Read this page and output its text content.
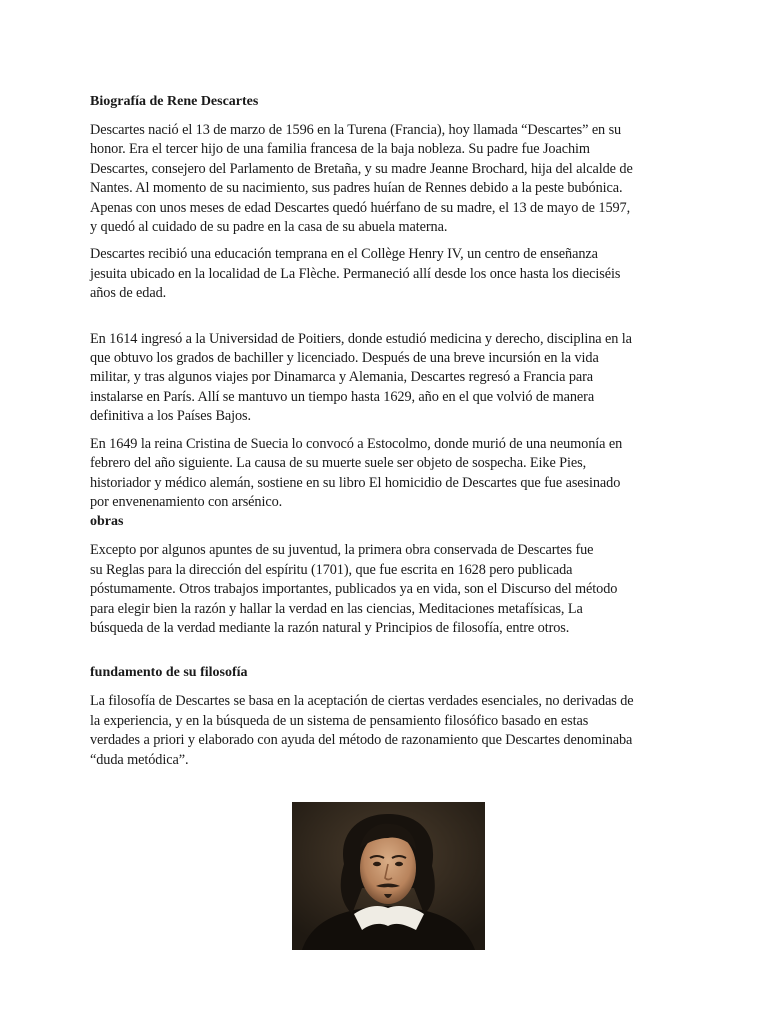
Biografía de Rene Descartes

Descartes nació el 13 de marzo de 1596 en la Turena (Francia), hoy llamada “Descartes” en su
honor. Era el tercer hijo de una familia francesa de la baja nobleza. Su padre fue Joachim
Descartes, consejero del Parlamento de Bretaña, y su madre Jeanne Brochard, hija del alcalde de
Nantes. Al momento de su nacimiento, sus padres huían de Rennes debido a la peste bubónica.
Apenas con unos meses de edad Descartes quedó huérfano de su madre, el 13 de mayo de 1597,
y quedó al cuidado de su padre en la casa de su abuela materna.

Descartes recibió una educación temprana en el Collège Henry IV, un centro de enseñanza
jesuita ubicado en la localidad de La Flèche. Permaneció allí desde los once hasta los dieciséis
años de edad.

En 1614 ingresó a la Universidad de Poitiers, donde estudió medicina y derecho, disciplina en la
que obtuvo los grados de bachiller y licenciado. Después de una breve incursión en la vida
militar, y tras algunos viajes por Dinamarca y Alemania, Descartes regresó a Francia para
instalarse en París. Allí se mantuvo un tiempo hasta 1629, año en el que volvió de manera
definitiva a los Países Bajos.

En 1649 la reina Cristina de Suecia lo convocó a Estocolmo, donde murió de una neumonía en
febrero del año siguiente. La causa de su muerte suele ser objeto de sospecha. Eike Pies,
historiador y médico alemán, sostiene en su libro El homicidio de Descartes que fue asesinado
por envenenamiento con arsénico.

obras

Excepto por algunos apuntes de su juventud, la primera obra conservada de Descartes fue
su Reglas para la dirección del espíritu (1701), que fue escrita en 1628 pero publicada
póstumamente. Otros trabajos importantes, publicados ya en vida, son el Discurso del método
para elegir bien la razón y hallar la verdad en las ciencias, Meditaciones metafísicas, La
búsqueda de la verdad mediante la razón natural y Principios de filosofía, entre otros.

fundamento de su filosofía

La filosofía de Descartes se basa en la aceptación de ciertas verdades esenciales, no derivadas de
la experiencia, y en la búsqueda de un sistema de pensamiento filosófico basado en estas
verdades a priori y elaborado con ayuda del método de razonamiento que Descartes denominaba
“duda metódica”.
